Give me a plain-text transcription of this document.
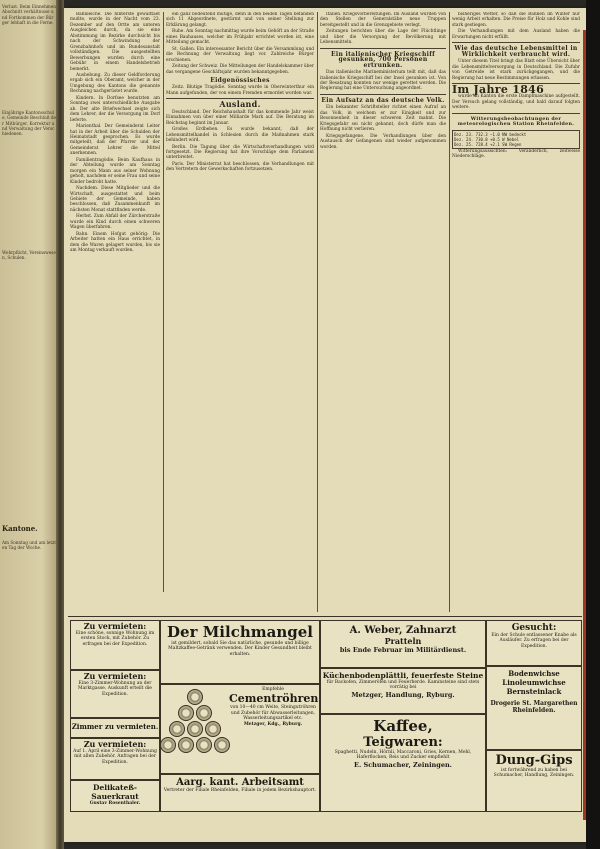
Verlust. Beim Einnehmen Abschnitt verhältnisse und Fortkommen der Bürger lebhaft in die Ferne.
Einjährige Kantonsschule, Gemeinde Beschluß der Mitbürger, Korrektur und Verwaltung der Verschiedenen.
Wehrpflicht, Vereinswesen, Schulen.
Kantone.
Am Sonntag und am letzten Tag der Woche.

Bahnleiche. Die hinterste gewalttaet mußte, wurde in der Nacht vom 23. Dezember auf den Ortte am unteren Ausgleichen durch, da sie eine Abstimmung im Bezirke durchsicht bis nach der Schwindung der Grenzbahnhofs und im Bundesanstalt vollständigen. Die ausgestellten Bewerbungen wurden durch eine Gebühr in einem Handelsbetrieb bemerkt.

Ausbebung. Zu dieser Geldforderung ergab sich ein Oberamt, welcher in der Umgebung des Kantons die genannte Rechnung nachgerüstet wurde.

Kindern. In Dorfsee benutzten am Sonntag zwei unterschiedliche Ausgabe ab. Der alte Briefwechsel zeigte sich dem Lehrer, der die Versorgung im Dorf lieferte.

Marienthal. Der Gemeinderat Leiter hat in der Arbeit über die Schulden der Heimatstadt gesprochen. Es wurde mitgeteilt, daß der Pfarrer und der Gemeinderat Lehrer die Mittel anerkennen.

Familientragödie. Beim Kaufhaus in der Abteilung wurde am Sonntag morgen ein Mann aus seiner Wohnung geholt, nachdem er seine Frau und seine Kinder bedroht hatte.

Nachdem. Diese Mitglieder und die Wirtschaft, ausgestattet und beim Gebiete der Gemeinde, haben beschlossen, daß Zusammenkunft im nächsten Monat stattfinden werde.

Herbst. Zum Abfall der Zürcherstraße wurde ein Kind durch einen schweren Wagen überfahren.

Bahn. Einem Hofgut gehörig: Die Arbeiter hatten ein Haus errichtet, in dem die Waren gelagert wurden, bis sie am Montag verkauft wurden.

ein ganz bedeutend mutige, denn in den beiden Tagen befanden sich 11 Abgeordnete, gestürmt und von seiner Stellung zur Erklärung gelangt.

Ruhe. Am Sonntag nachmittag wurde beim Gehöft an der Straße eines Bauhauses, welcher im Frühjahr errichtet worden ist, eine Mitteilung gemacht.

St. Gallen. Ein interessanter Bericht über die Versammlung und die Rechnung der Verwaltung liegt vor. Zahlreiche Bürger erschienen.

Zeitung der Schweiz. Die Mitteilungen der Handelskammer über das vergangene Geschäftsjahr wurden bekanntgegeben.

Eidgenössisches

Zeitz. Blutige Tragödie. Sonntag wurde in Oberwinterthur ein Mann aufgefunden, der von einem Fremden ermordet worden war.

Ausland.

Deutschland. Der Reichshaushalt für das kommende Jahr weist Einnahmen von über einer Milliarde Mark auf. Die Beratung im Reichstag beginnt im Januar.

Großes Erdbeben. Es wurde bekannt, daß der Lebensmittelhandel in Schlesien durch die Maßnahmen stark behindert wird.

Berlin. Die Tagung über die Wirtschaftsverhandlungen wird fortgesetzt. Die Regierung hat ihre Vorschläge dem Parlament unterbreitet.

Paris. Der Ministerrat hat beschlossen, die Verhandlungen mit den Vertretern der Gewerkschaften fortzusetzen.

Italien. Kriegsvorbereitungen. Im Ausland wurden von den Stellen der Generalstäbe neue Truppen bereitgestellt und in die Grenzgebiete verlegt.

Zeitungen berichten über die Lage der Flüchtlinge und über die Versorgung der Bevölkerung mit Lebensmitteln.

Ein italienischer Kriegschiff gesunken, 700 Personen ertrunken.

Das italienische Marineministerium teilt mit, daß das italienische Kriegsschiff bei der Insel gesunken ist. Von der Besatzung konnten nur wenige gerettet werden. Die Regierung hat eine Untersuchung angeordnet.

Ein Aufsatz an das deutsche Volk.

Ein bekannter Schriftsteller richtet einen Aufruf an das Volk, in welchem er zur Einigkeit und zur Besonnenheit in dieser schweren Zeit mahnt. Die Kriegsgefahr sei nicht gebannt, doch dürfe man die Hoffnung nicht verlieren.

Kriegsgefangene. Die Verhandlungen über den Austausch der Gefangenen sind wieder aufgenommen worden.

bisheriges Wetter, so daß die Bahnen im Winter nur wenig Arbeit erhalten. Die Preise für Holz und Kohle sind stark gestiegen.

Die Verhandlungen mit dem Ausland haben die Erwartungen nicht erfüllt.

Wie das deutsche Lebensmittel in Wirklichkeit verbraucht wird.

Unter diesem Titel bringt das Blatt eine Übersicht über die Lebensmittelversorgung in Deutschland. Die Zufuhr von Getreide ist stark zurückgegangen, und die Regierung hat neue Bestimmungen erlassen.

Im Jahre 1846

wurde im Kanton die erste Dampfmaschine aufgestellt. Der Versuch gelang vollständig, und bald darauf folgten weitere.

Witterungsbeobachtungen der meteorologischen Station Rheinfelden.
Dez. 23. 732.3 −1.0 NW bedeckt
Dez. 24. 730.8 +0.5 W Nebel
Dez. 25. 728.4 +2.1 SW Regen

Witterungsaussichten: Veränderlich, zeitweise Niederschläge.

Zu vermieten:
Eine schöne, sonnige Wohnung im ersten Stock, mit Zubehör. Zu erfragen bei der Expedition.
Zu vermieten:
Eine 3-Zimmer-Wohnung an der Marktgasse. Auskunft erteilt die Expedition.
Zimmer zu vermieten.
Zu vermieten:
Auf 1. April eine 3-Zimmer-Wohnung mit allen Zubehör. Anfragen bei der Expedition.
Delikateß-Sauerkraut
Gustav Rosenthaler.
Der Milchmangel
ist gemildert, sobald Sie das natürliche, gesunde und billige Maltzkaffee-Getränk verwenden. Der Kinder Gesundheit bleibt erhalten.
Empfehle
Cementröhren
von 10—40 cm Weite, Steingutröhren und Zubehör für Abwasserleitungen, Wasserleitungsartikel etc.
Metzger, Kdg., Ryburg.
Aarg. kant. Arbeitsamt
Vertreter der Filiale Rheinfelden, Filiale in jedem Bezirkshauptort.
A. Weber, Zahnarzt
Pratteln
bis Ende Februar im Militärdienst.
Küchenbodenplättli, feuerfeste Steine
für Backofen, Zimmeröfen und Feuerherde. Kaminsteine sind stets vorrätig bei
Metzger, Handlung, Ryburg.
Kaffee,
Teigwaren:
Spaghetti, Nudeln, Hörnli, Maccaroni, Gries, Kernen, Mehl, Haferflocken, Reis und Zucker empfiehlt
E. Schumacher, Zeiningen.
Gesucht:
Ein der Schule entlassener Knabe als Ausläufer. Zu erfragen bei der Expedition.
Bodenwichse Linoleumwichse Bernsteinlack
Drogerie St. Margarethen Rheinfelden.
Dung-Gips
ist fortwährend zu haben bei Schumacher, Handlung, Zeiningen.
